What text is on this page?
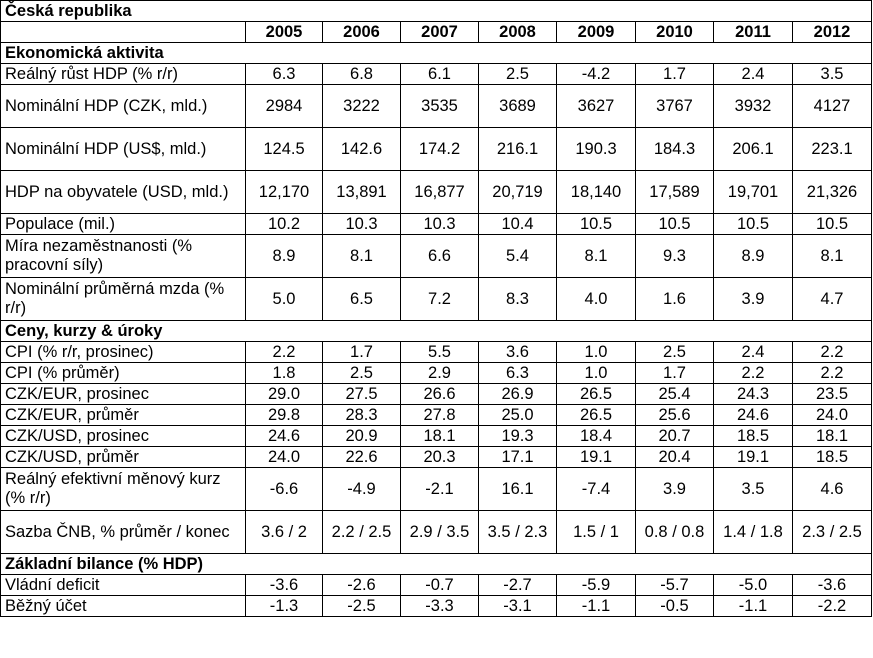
Česká republika								
	2005	2006	2007	2008	2009	2010	2011	2012
Ekonomická aktivita								
Reálný růst HDP (% r/r)	6.3	6.8	6.1	2.5	-4.2	1.7	2.4	3.5
Nominální HDP (CZK, mld.)	2984	3222	3535	3689	3627	3767	3932	4127
Nominální HDP (US$, mld.)	124.5	142.6	174.2	216.1	190.3	184.3	206.1	223.1
HDP na obyvatele (USD, mld.)	12,170	13,891	16,877	20,719	18,140	17,589	19,701	21,326
Populace (mil.)	10.2	10.3	10.3	10.4	10.5	10.5	10.5	10.5
Míra nezaměstnanosti (% pracovní síly)	8.9	8.1	6.6	5.4	8.1	9.3	8.9	8.1
Nominální průměrná mzda (% r/r)	5.0	6.5	7.2	8.3	4.0	1.6	3.9	4.7
Ceny, kurzy & úroky								
CPI (% r/r, prosinec)	2.2	1.7	5.5	3.6	1.0	2.5	2.4	2.2
CPI (% průměr)	1.8	2.5	2.9	6.3	1.0	1.7	2.2	2.2
CZK/EUR, prosinec	29.0	27.5	26.6	26.9	26.5	25.4	24.3	23.5
CZK/EUR, průměr	29.8	28.3	27.8	25.0	26.5	25.6	24.6	24.0
CZK/USD, prosinec	24.6	20.9	18.1	19.3	18.4	20.7	18.5	18.1
CZK/USD, průměr	24.0	22.6	20.3	17.1	19.1	20.4	19.1	18.5
Reálný efektivní měnový kurz (% r/r)	-6.6	-4.9	-2.1	16.1	-7.4	3.9	3.5	4.6
Sazba ČNB, % průměr / konec	3.6 / 2	2.2 / 2.5	2.9 / 3.5	3.5 / 2.3	1.5 / 1	0.8 / 0.8	1.4 / 1.8	2.3 / 2.5
Základní bilance (% HDP)								
Vládní deficit	-3.6	-2.6	-0.7	-2.7	-5.9	-5.7	-5.0	-3.6
Běžný účet	-1.3	-2.5	-3.3	-3.1	-1.1	-0.5	-1.1	-2.2
